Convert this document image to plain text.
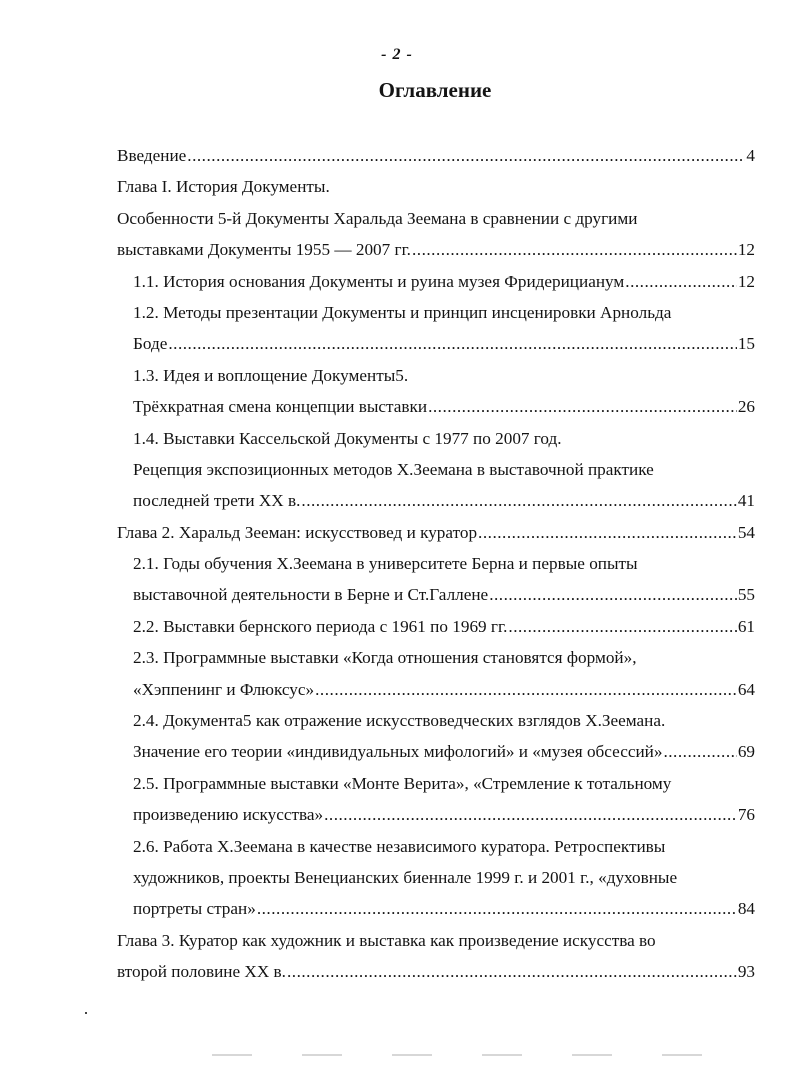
- 2 -
Оглавление
Введение .....	4
Глава I. История Документы.
Особенности 5-й Документы Харальда Зеемана в сравнении с другими
выставками Документы 1955 — 2007 гг. .....	12
1.1. История основания Документы и руина музея Фридерицианум .....	12
1.2. Методы презентации Документы и принцип инсценировки Арнольда
Боде .....	15
1.3. Идея и воплощение Документы5.
Трёхкратная смена концепции выставки .....	26
1.4. Выставки Кассельской Документы с 1977 по 2007 год.
Рецепция экспозиционных методов Х.Зеемана в выставочной практике
последней трети XX в. .....	41
Глава 2. Харальд Зееман: искусствовед и куратор .....	54
2.1. Годы обучения Х.Зеемана в университете Берна и первые опыты
выставочной деятельности в Берне и Ст.Галлене .....	55
2.2. Выставки бернского периода с 1961 по 1969 гг. .....	61
2.3. Программные выставки «Когда отношения становятся формой»,
«Хэппенинг и Флюксус» .....	64
2.4. Документа5 как отражение искусствоведческих взглядов Х.Зеемана.
Значение его теории «индивидуальных мифологий» и «музея обсессий» .....	69
2.5. Программные выставки «Монте Верита», «Стремление к тотальному
произведению искусства» .....	76
2.6. Работа Х.Зеемана в качестве независимого куратора. Ретроспективы
художников, проекты Венецианских биеннале 1999 г. и 2001 г., «духовные
портреты стран» .....	84
Глава 3. Куратор как художник и выставка как произведение искусства во
второй половине XX в. .....	93
